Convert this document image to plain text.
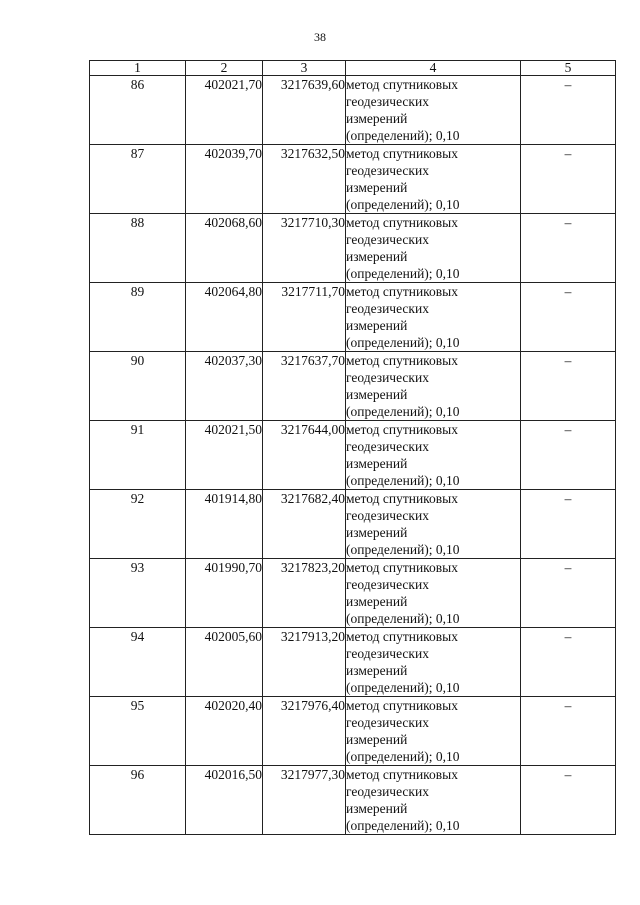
38
1	2	3	4	5
86	402021,70	3217639,60	метод спутниковых
геодезических
измерений
(определений); 0,10	–
87	402039,70	3217632,50	метод спутниковых
геодезических
измерений
(определений); 0,10	–
88	402068,60	3217710,30	метод спутниковых
геодезических
измерений
(определений); 0,10	–
89	402064,80	3217711,70	метод спутниковых
геодезических
измерений
(определений); 0,10	–
90	402037,30	3217637,70	метод спутниковых
геодезических
измерений
(определений); 0,10	–
91	402021,50	3217644,00	метод спутниковых
геодезических
измерений
(определений); 0,10	–
92	401914,80	3217682,40	метод спутниковых
геодезических
измерений
(определений); 0,10	–
93	401990,70	3217823,20	метод спутниковых
геодезических
измерений
(определений); 0,10	–
94	402005,60	3217913,20	метод спутниковых
геодезических
измерений
(определений); 0,10	–
95	402020,40	3217976,40	метод спутниковых
геодезических
измерений
(определений); 0,10	–
96	402016,50	3217977,30	метод спутниковых
геодезических
измерений
(определений); 0,10	–
